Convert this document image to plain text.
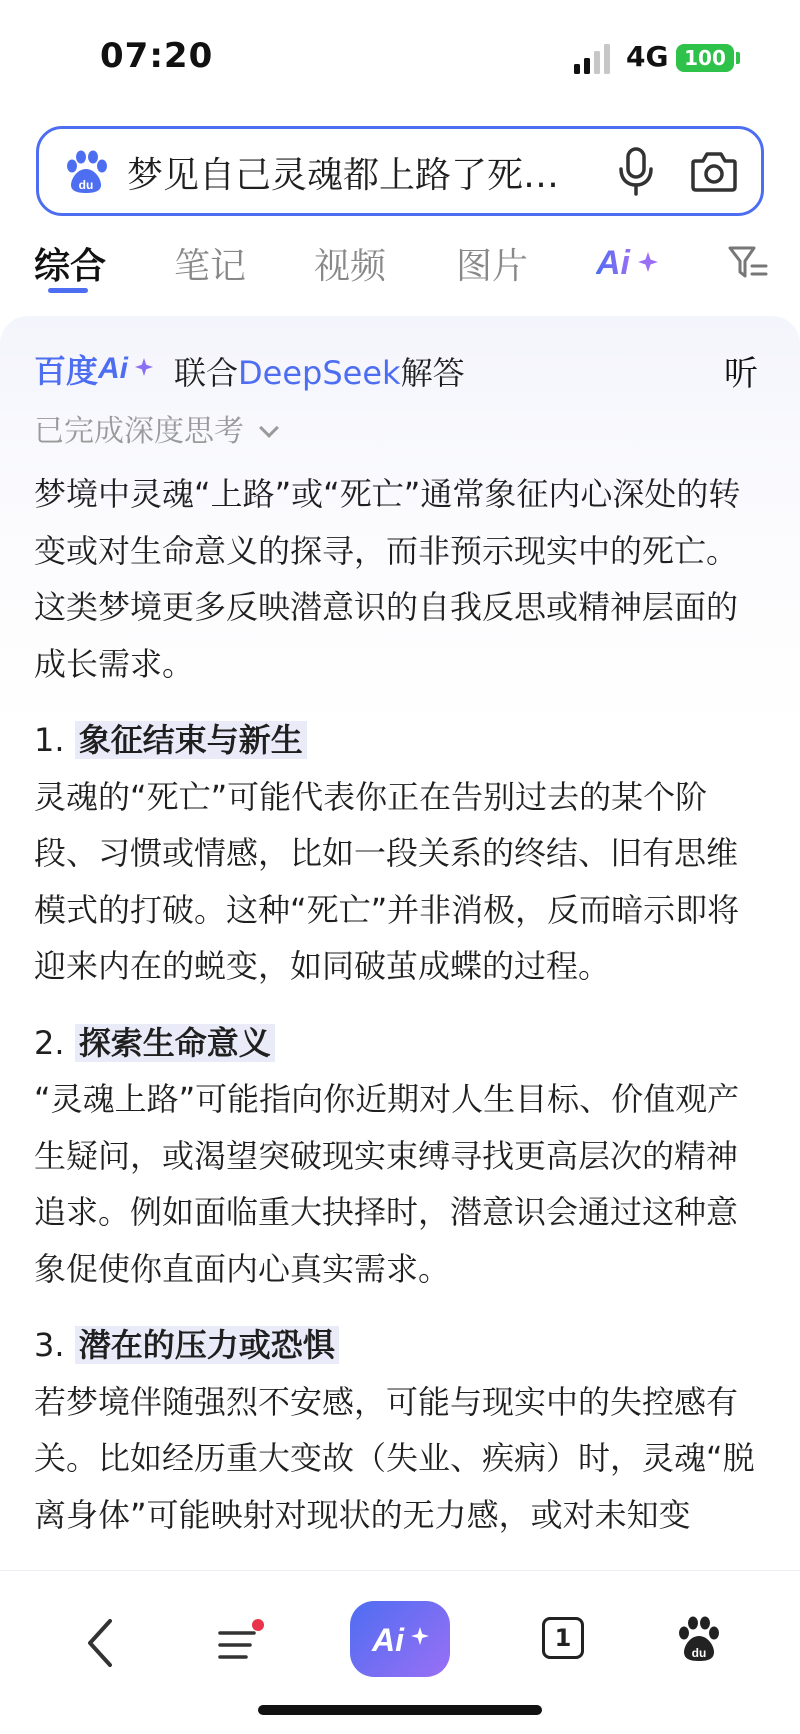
07:20	4G 100
du 梦见自己灵魂都上路了死…
综合 笔记 视频 图片 Ai
百度 Ai 联合DeepSeek解答	听
已完成深度思考

梦境中灵魂“上路”或“死亡”通常象征内心深处的转变或对生命意义的探寻，而非预示现实中的死亡。这类梦境更多反映潜意识的自我反思或精神层面的成长需求。

1. 象征结束与新生

灵魂的“死亡”可能代表你正在告别过去的某个阶段、习惯或情感，比如一段关系的终结、旧有思维模式的打破。这种“死亡”并非消极，反而暗示即将迎来内在的蜕变，如同破茧成蝶的过程。

2. 探索生命意义

“灵魂上路”可能指向你近期对人生目标、价值观产生疑问，或渴望突破现实束缚寻找更高层次的精神追求。例如面临重大抉择时，潜意识会通过这种意象促使你直面内心真实需求。

3. 潜在的压力或恐惧

若梦境伴随强烈不安感，可能与现实中的失控感有关。比如经历重大变故（失业、疾病）时，灵魂“脱离身体”可能映射对现状的无力感，或对未知变

Ai	1
du
